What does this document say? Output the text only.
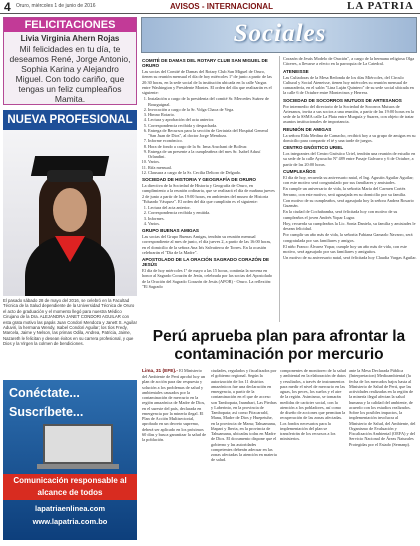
4 Oruro, miércoles 1 de junio de 2016	AVISOS - INTERNACIONAL	LA PATRIA
FELICITACIONES
Livia Virginia Ahern Rojas
Mil felicidades en tu día, te deseamos René, Jorge Antonio, Sophia Karina y Alejandro Miguel. Con todo cariño, que tengas un feliz cumpleaños Mamita.
NUEVA PROFESIONAL
El pasado sábado 28 de mayo del 2016, se celebró en la Facultad Técnica de la Salud dependiente de la Universidad Técnica de Oruro el acto de graduación y el momento llegó para nuestra Médico Cirujano de la Dra. ALEJANDRA JANET CONDORI AGUILAR con esta grata motivo las papás Juan Condori Mendoza y Janett S. Aguilar Aduviri, la hermana Wendy, Isabel Condori Aguilar; los tíos Fredy, Marcela, Jaime y Nelson, las primas Odila, Andrea, Patricia, Jaime, Nazareth le felicitan y desean éxitos en su carrera profesional, y que Dios y la Virgen la colmen de bendiciones.
Conéctate...
Suscríbete...
Comunicación responsable al alcance de todos
lapatriaenlinea.com
www.lapatria.com.bo
Sociales

COMITÉ DE DAMAS DEL ROTARY CLUB SAN MIGUEL DE ORURO

Las socias del Comité de Damas del Rotary Club San Miguel de Oruro, tienen su reunión mensual el día de hoy miércoles 1º de junio a partir de las 20:30 horas, en la sede social de la institución ubicada en la calle Vargas entre Washington y Presidente Montes. El orden del día que realizarán es el siguiente:

1. Instalación a cargo de la presidenta del comité Sr. Mercedes Suárez de Bourguignal.
2. Invocación a cargo de la Sr. Volga Chaca de Vega.
3. Himno Rotario.
4. Lectura y aprobación del acta anterior.
5. Correspondencia recibida y despachada.
6. Entrega de Recursos para la sección de Geriatría del Hospital General "San Juan de Dios", al doctor Jorge Mendoza.
7. Informe económico.
8. Hora de fondo a cargo de la Sr. Irma Aruchani de Bolívar.
9. Entrega de un presente a la cumpleañera del mes Sr. Isabel Aduxí Orlandini.
10. Varios.
11. Rifa mensual.
12. Clausura a cargo de la Sr. Cecilia Deltoro de Delgado.

SOCIEDAD DE HISTORIA Y GEOGRAFÍA DE ORURO

La directiva de la Sociedad de Historia y Geografía de Oruro, en cumplimiento a la reunión ordinaria, que se realizará el día de mañana jueves 2 de junio a partir de las 19:00 horas, en ambientes del museo de Historia "Eduardo Vásquez". El orden del día que cumplirán es el siguiente:

1. Lectura del acta anterior.
2. Correspondencia recibida y emitida.
3. Informes.
4. Varios.

GRUPO BUENAS AMIGAS

Las socias del Grupo Buenas Amigas, tendrán su reunión mensual correspondiente al mes de junio, el día jueves 2, a partir de las 16:00 horas, en el domicilio de la señora Ana Irís Salvatierra de Torres. En la ocasión celebrarán el "Día de la Madre".

APOSTOLADO DE LA ORACIÓN SAGRADO CORAZÓN DE JESÚS

El día de hoy miércoles 1º de mayo a las 15 horas, continúa la novena en honor al Sagrado Corazón de Jesús, celebrada por las socias del Apostolado de la Oración del Sagrado Corazón de Jesús (APOR) - Oruro. La reflexión: "El Sagrado

Corazón de Jesús Modelo de Oración", a cargo de la hermana religiosa Olga Cáceres, a llevarse a efecto en la parroquia de La Catedral.

ATENEISSE

Las Cultadoras de la Mesa Redonda de los días Miércoles, del Círculo Cultural y Social Ateneisse, tienen hoy miércoles su reunión mensual de camaradería, en el salón "Lina Luján Quintero" de su sede social ubicada en la calle 6 de Octubre entre Montecinos y Herrera.

SOCIEDAD DE SOCORROS MUTUOS DE ARTESANOS

Por intermedio del directorio de la Sociedad de Socorros Mutuos de Artesanos, invita a sus socios a una reunión, a partir de las 19:00 horas en la sede de la SSMA calle La Plata entre Murguía y Suarez, con objeto de tratar asuntos institucionales de importancia.

REUNIÓN DE AMIGAS

La señora Elda Medina de Camacho, recibirá hoy a su grupo de amigas en su domicilio para compartir el té y una tarde de juegos.

CENTRO GNÓSTICO URIEL

Los integrantes del Centro Gnóstico Uriel, tendrán una reunión de estudio en su sede de la calle Ayacucho Nº 489 entre Pasaje Galvarro y 6 de Octubre, a partir de las 20:00 horas.

CUMPLEAÑOS

El día de hoy, recuerda su aniversario natal, el Ing. Agustín Aguilar Aguilar; con este motivo será congratulado por sus familiares y amistades.

En cumple un aniversario de vida, la señorita María del Carmen Cortéz Serrano, con este motivo, será agasajada en su domicilio por su familia.

Con motivo de su cumpleaños, será agasajada hoy la señora Andrea Rosario Guzmán.

En la ciudad de Cochabamba, será felicitada hoy con motivo de su cumpleaños el joven Andrés Yopar Lugar.

Hoy, recuerda su cumpleaños la Lic. Sonia Daniela, su familia y amistades le desean felicidad.

Por cumplir un año más de vida, la señorita Fabiana Gamarlo Navarro, será congratulada por sus familiares y amigos.

El niño Franco Álvarez Yopar, cumple hoy un año más de vida, con este motivo, será agasajado por sus familiares y amiguitos.

Un motivo de su aniversario natal, será felicitada hoy Claudia Vargas Aguilar.

Perú aprueba plan para afrontar la contaminación por mercurio
Lima, 31 (EFE).- El Ministerio del Ambiente de Perú aprobó hoy un plan de acción para dar respuesta y solución a los problemas de salud y ambientales causados por la contaminación de mercurio en la región amazónica de Madre de Dios, en el sureste del país, declarada en emergencia por la minería ilegal. El Plan de Acción Multisectorial, aprobado en un decreto supremo, deberá ser aplicado en los próximos 60 días y busca garantizar la salud de la población.
ciudades, regulados y fiscalizados por el gobierno regional. Según la autorización de los 11 distritos amazónicos fue una declaración en emergencia, a partir de la contaminación en el que de acceso son Tambopata, Inambari, Las Piedras y Laberinto, en la provincia de Tambopata; así como Fitzcarrald, Manu, Madre de Dios y Huepetuhe, en la provincia de Manu; Tahuamanu, Iñapari y Iberia, en la provincia de Tahuamanu, ubicadas todas en Madre de Dios. El documento dispone que el gobierno y las autoridades competentes deberán adecuar en las zonas afectadas la atención en materia de salud.
componentes de monitoreo de la salud y ambiental en la elaboración de datos y resultados, a través de instrumentos para medir el nivel de mercurio en las aguas, los peces, los suelos y el aire de la región. Asimismo, se tomarán medidas de carácter social, con la atención a los pobladores, así como de diseño de acciones que permitan la recuperación de las zonas afectadas. Los fondos necesarios para la implementación del plan se transferirán de los recursos a los ministerios.
ante la Mesa Declarada Pública (Interpretacion) Medioambiental (la fecha de los mercados bajos hasta al Ministerio de Salud de Perú, que las actividades realizadas en la región de la minería ilegal afectan la salud humana y la calidad del ambiente, de acuerdo con los estudios realizados. Sobre los posibles impactos, la implementación involucra al Ministerio de Salud, del Ambiente, del Organismo de Evaluación y Fiscalización Ambiental (OEFA) y del Servicio Nacional de Áreas Naturales Protegidas por el Estado (Sernanp).
